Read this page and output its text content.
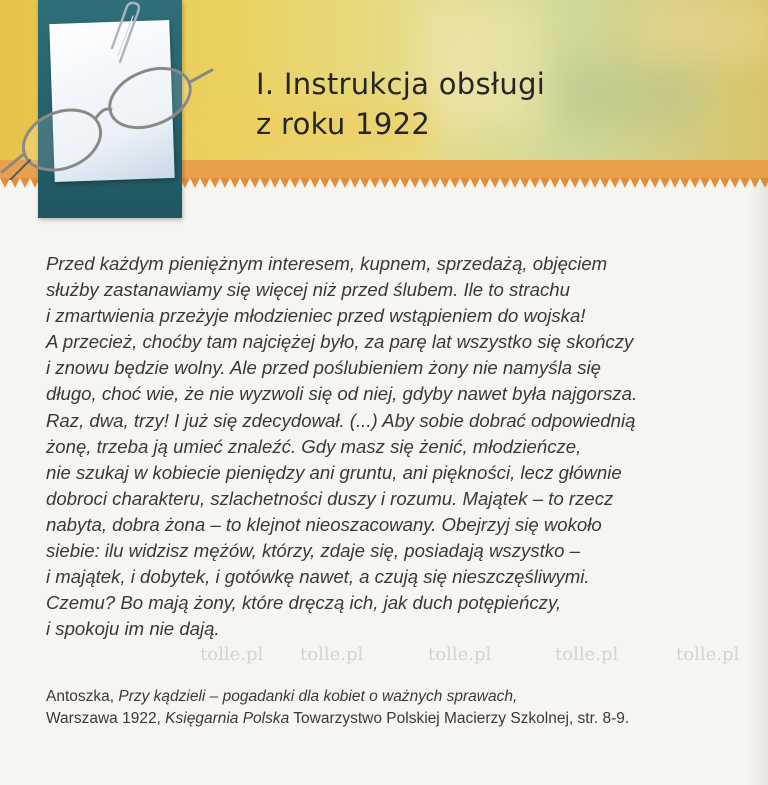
I. Instrukcja obsługi
z roku 1922
Przed każdym pieniężnym interesem, kupnem, sprzedażą, objęciem
służby zastanawiamy się więcej niż przed ślubem. Ile to strachu
i zmartwienia przeżyje młodzieniec przed wstąpieniem do wojska!
A przecież, choćby tam najciężej było, za parę lat wszystko się skończy
i znowu będzie wolny. Ale przed poślubieniem żony nie namyśla się
długo, choć wie, że nie wyzwoli się od niej, gdyby nawet była najgorsza.
Raz, dwa, trzy! I już się zdecydował. (...) Aby sobie dobrać odpowiednią
żonę, trzeba ją umieć znaleźć. Gdy masz się żenić, młodzieńcze,
nie szukaj w kobiecie pieniędzy ani gruntu, ani piękności, lecz głównie
dobroci charakteru, szlachetności duszy i rozumu. Majątek – to rzecz
nabyta, dobra żona – to klejnot nieoszacowany. Obejrzyj się wokoło
siebie: ilu widzisz mężów, którzy, zdaje się, posiadają wszystko –
i majątek, i dobytek, i gotówkę nawet, a czują się nieszczęśliwymi.
Czemu? Bo mają żony, które dręczą ich, jak duch potępieńczy,
i spokoju im nie dają.
tolle.pl tolle.pl	tolle.pl	tolle.pl	tolle.pl
Antoszka, Przy kądzieli – pogadanki dla kobiet o ważnych sprawach,
Warszawa 1922, Księgarnia Polska Towarzystwo Polskiej Macierzy Szkolnej, str. 8-9.
